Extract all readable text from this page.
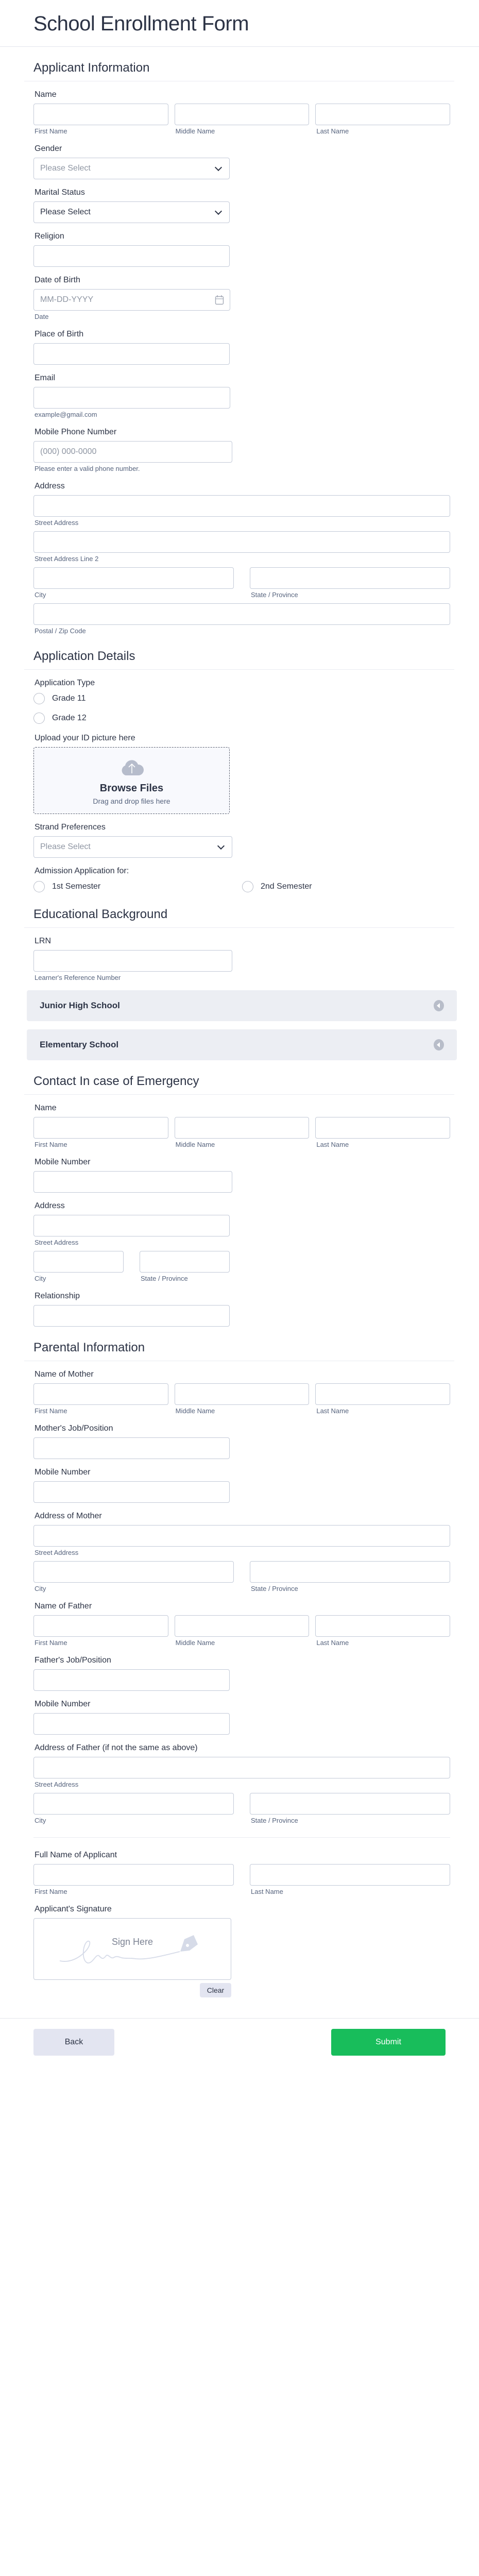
School Enrollment Form
Applicant Information
Name
First Name	Middle Name	Last Name
Gender
Please Select
Marital Status
Please Select
Religion
Date of Birth
MM-DD-YYYY
Date
Place of Birth
Email
example@gmail.com
Mobile Phone Number
(000) 000-0000
Please enter a valid phone number.
Address
Street Address
Street Address Line 2
City	State / Province
Postal / Zip Code
Application Details
Application Type
Grade 11
Grade 12
Upload your ID picture here
Browse Files
Drag and drop files here
Strand Preferences
Please Select
Admission Application for:
1st Semester	2nd Semester
Educational Background
LRN
Learner's Reference Number
Junior High School
Elementary School
Contact In case of Emergency
Name
First Name	Middle Name	Last Name
Mobile Number
Address
Street Address
City	State / Province
Relationship
Parental Information
Name of Mother
First Name	Middle Name	Last Name
Mother's Job/Position
Mobile Number
Address of Mother
Street Address
City	State / Province
Name of Father
First Name	Middle Name	Last Name
Father's Job/Position
Mobile Number
Address of Father (if not the same as above)
Street Address
City	State / Province
Full Name of Applicant
First Name	Last Name
Applicant's Signature
Sign Here
Clear
Back	Submit
